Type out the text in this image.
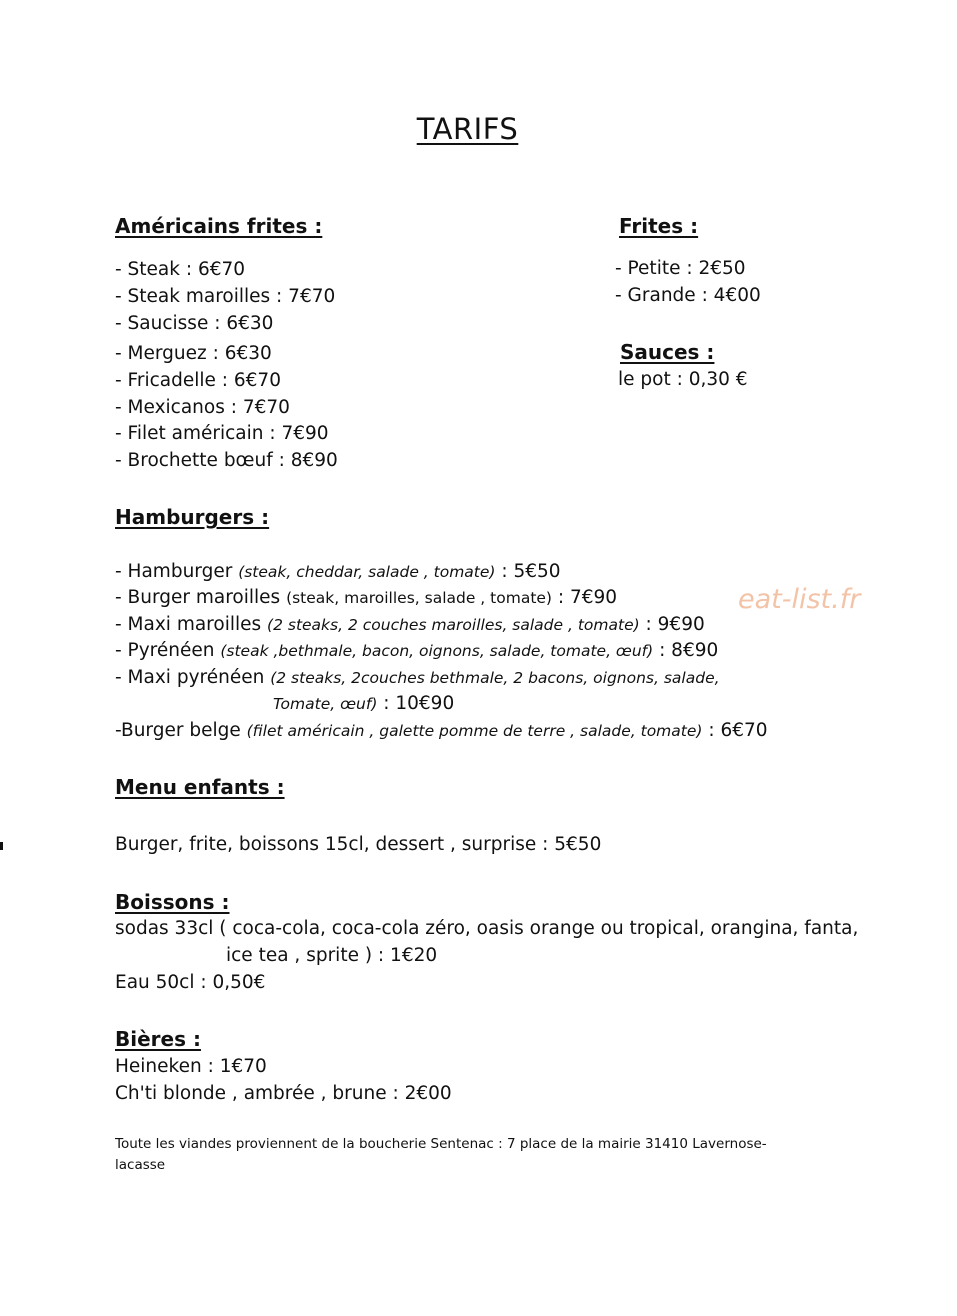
TARIFS
Américains frites :
- Steak : 6€70
- Steak maroilles : 7€70
- Saucisse : 6€30
- Merguez : 6€30
- Fricadelle : 6€70
- Mexicanos : 7€70
- Filet américain : 7€90
- Brochette bœuf : 8€90
Frites :
- Petite : 2€50
- Grande : 4€00
Sauces :
le pot : 0,30 €
Hamburgers :
- Hamburger (steak, cheddar, salade , tomate) : 5€50
- Burger maroilles (steak, maroilles, salade , tomate) : 7€90
- Maxi maroilles (2 steaks, 2 couches maroilles, salade , tomate) : 9€90
- Pyrénéen (steak ,bethmale, bacon, oignons, salade, tomate, œuf) : 8€90
- Maxi pyrénéen (2 steaks, 2couches bethmale, 2 bacons, oignons, salade,
Tomate, œuf) : 10€90
-Burger belge (filet américain , galette pomme de terre , salade, tomate) : 6€70
eat-list.fr
Menu enfants :
Burger, frite, boissons 15cl, dessert , surprise : 5€50
Boissons :
sodas 33cl ( coca-cola, coca-cola zéro, oasis orange ou tropical, orangina, fanta,
ice tea , sprite ) : 1€20
Eau 50cl : 0,50€
Bières :
Heineken : 1€70
Ch'ti blonde , ambrée , brune : 2€00
Toute les viandes proviennent de la boucherie Sentenac : 7 place de la mairie 31410 Lavernose-
lacasse
